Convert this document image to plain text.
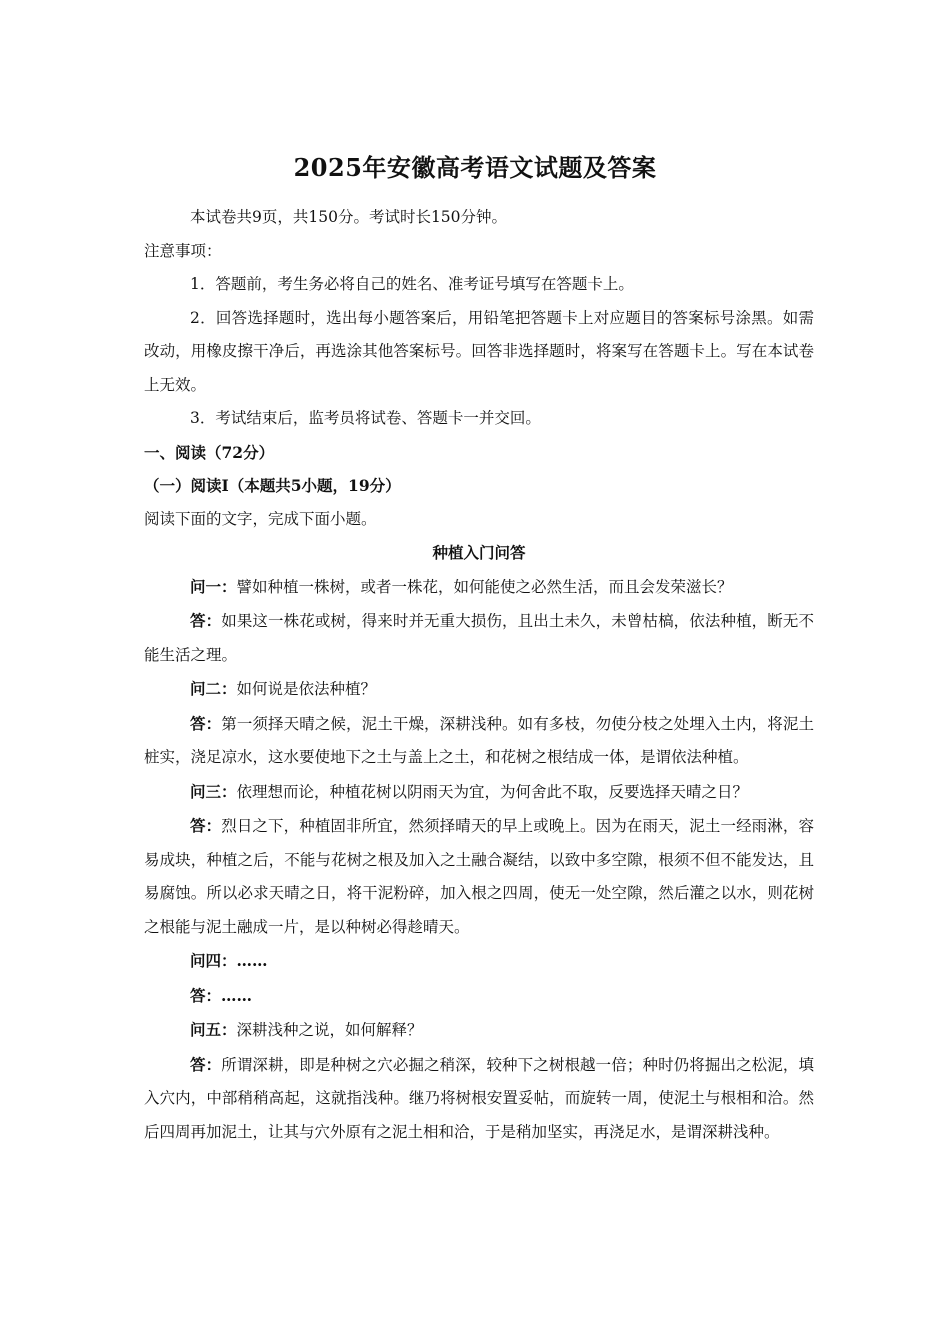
2025年安徽高考语文试题及答案

本试卷共9页，共150分。考试时长150分钟。

注意事项：

1．答题前，考生务必将自己的姓名、准考证号填写在答题卡上。

2．回答选择题时，选出每小题答案后，用铅笔把答题卡上对应题目的答案标号涂黑。如需改动，用橡皮擦干净后，再选涂其他答案标号。回答非选择题时，将案写在答题卡上。写在本试卷上无效。

3．考试结束后，监考员将试卷、答题卡一并交回。

一、阅读（72分）

（一）阅读Ⅰ（本题共5小题，19分）

阅读下面的文字，完成下面小题。

种植入门问答

问一：譬如种植一株树，或者一株花，如何能使之必然生活，而且会发荣滋长？

答：如果这一株花或树，得来时并无重大损伤，且出土未久，未曾枯槁，依法种植，断无不能生活之理。

问二：如何说是依法种植？

答：第一须择天晴之候，泥土干燥，深耕浅种。如有多枝，勿使分枝之处埋入土内，将泥土桩实，浇足凉水，这水要使地下之土与盖上之土，和花树之根结成一体，是谓依法种植。

问三：依理想而论，种植花树以阴雨天为宜，为何舍此不取，反要选择天晴之日？

答：烈日之下，种植固非所宜，然须择晴天的早上或晚上。因为在雨天，泥土一经雨淋，容易成块，种植之后，不能与花树之根及加入之土融合凝结，以致中多空隙，根须不但不能发达，且易腐蚀。所以必求天晴之日，将干泥粉碎，加入根之四周，使无一处空隙，然后灌之以水，则花树之根能与泥土融成一片，是以种树必得趁晴天。

问四：……

答：……

问五：深耕浅种之说，如何解释？

答：所谓深耕，即是种树之穴必掘之稍深，较种下之树根越一倍；种时仍将掘出之松泥，填入穴内，中部稍稍高起，这就指浅种。继乃将树根安置妥帖，而旋转一周，使泥土与根相和洽。然后四周再加泥土，让其与穴外原有之泥土相和洽，于是稍加坚实，再浇足水，是谓深耕浅种。
